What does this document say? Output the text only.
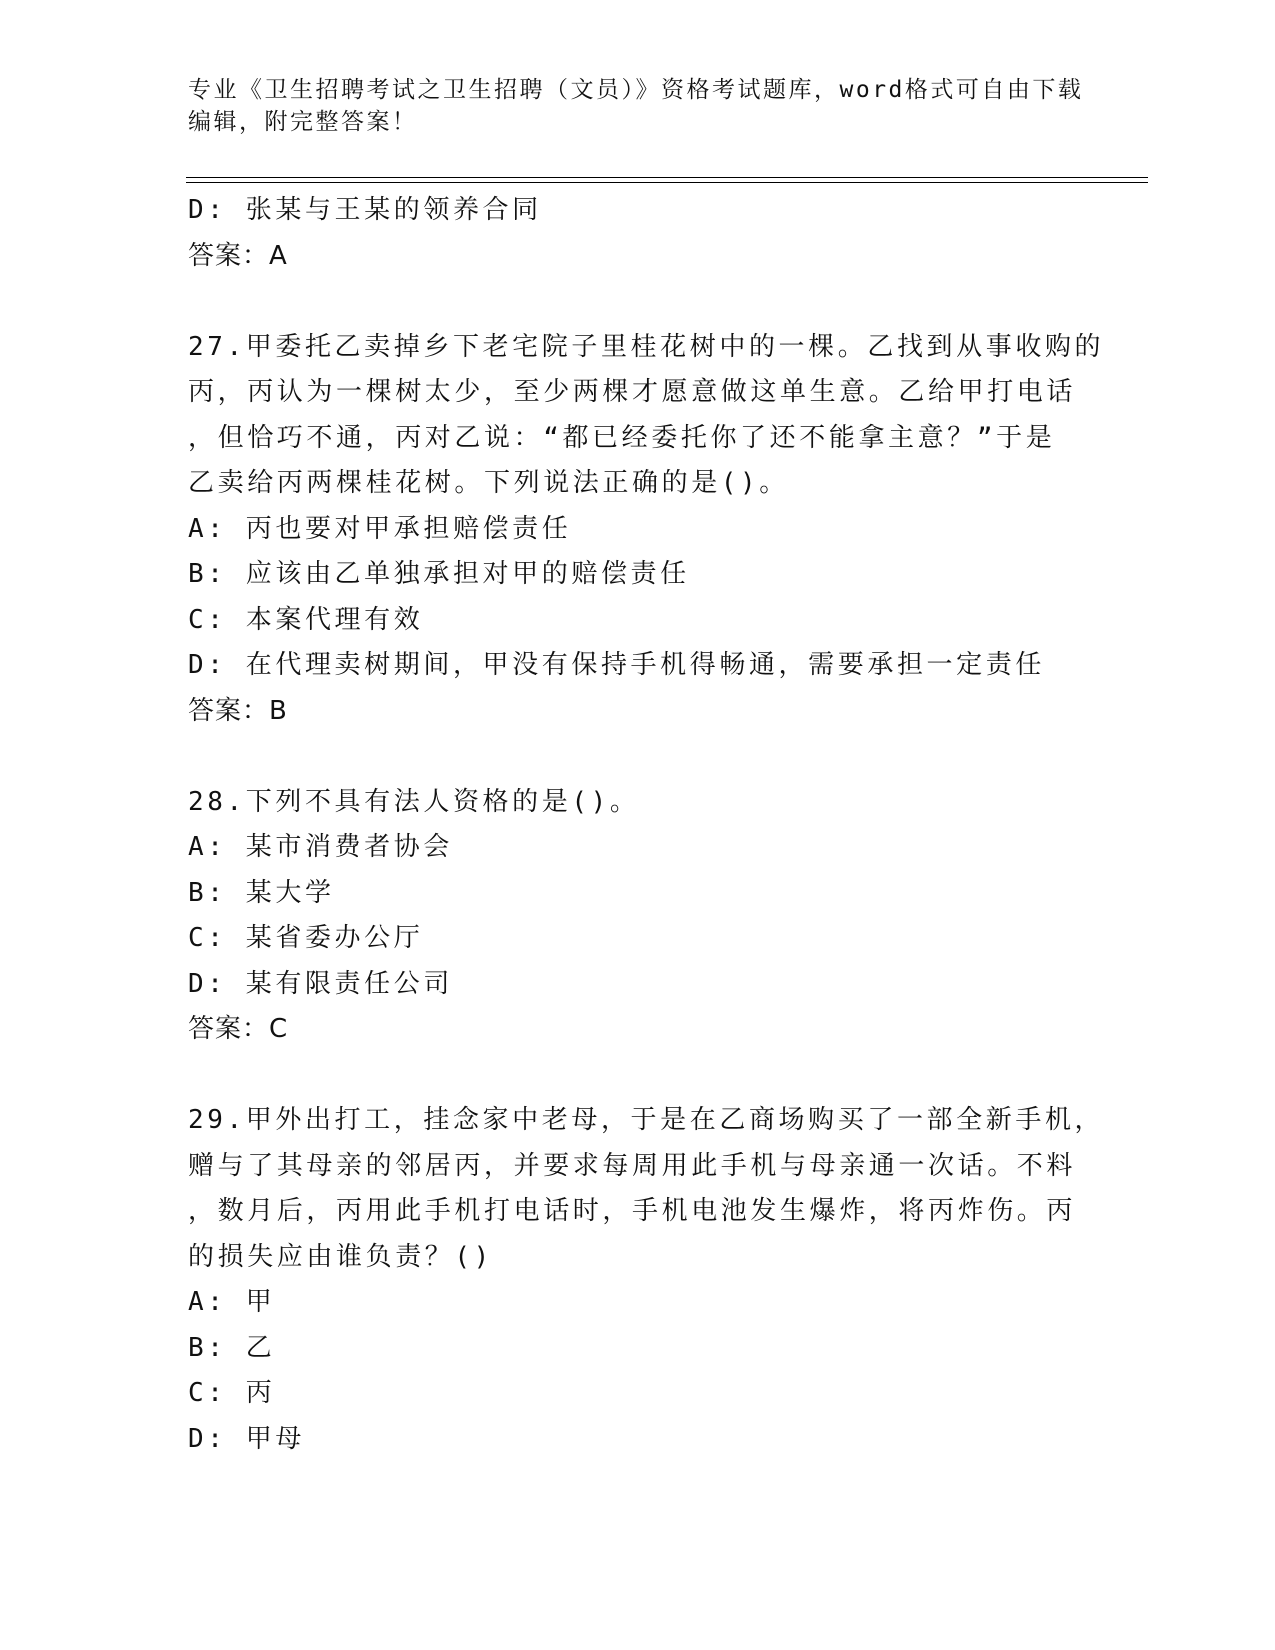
专业《卫生招聘考试之卫生招聘（文员）》资格考试题库，word格式可自由下载
编辑，附完整答案！
D: 张某与王某的领养合同
答案：A
27.甲委托乙卖掉乡下老宅院子里桂花树中的一棵。乙找到从事收购的
丙，丙认为一棵树太少，至少两棵才愿意做这单生意。乙给甲打电话
，但恰巧不通，丙对乙说：“都已经委托你了还不能拿主意？”于是
乙卖给丙两棵桂花树。下列说法正确的是()。
A: 丙也要对甲承担赔偿责任
B: 应该由乙单独承担对甲的赔偿责任
C: 本案代理有效
D: 在代理卖树期间，甲没有保持手机得畅通，需要承担一定责任
答案：B
28.下列不具有法人资格的是()。
A: 某市消费者协会
B: 某大学
C: 某省委办公厅
D: 某有限责任公司
答案：C
29.甲外出打工，挂念家中老母，于是在乙商场购买了一部全新手机，
赠与了其母亲的邻居丙，并要求每周用此手机与母亲通一次话。不料
，数月后，丙用此手机打电话时，手机电池发生爆炸，将丙炸伤。丙
的损失应由谁负责？()
A: 甲
B: 乙
C: 丙
D: 甲母
